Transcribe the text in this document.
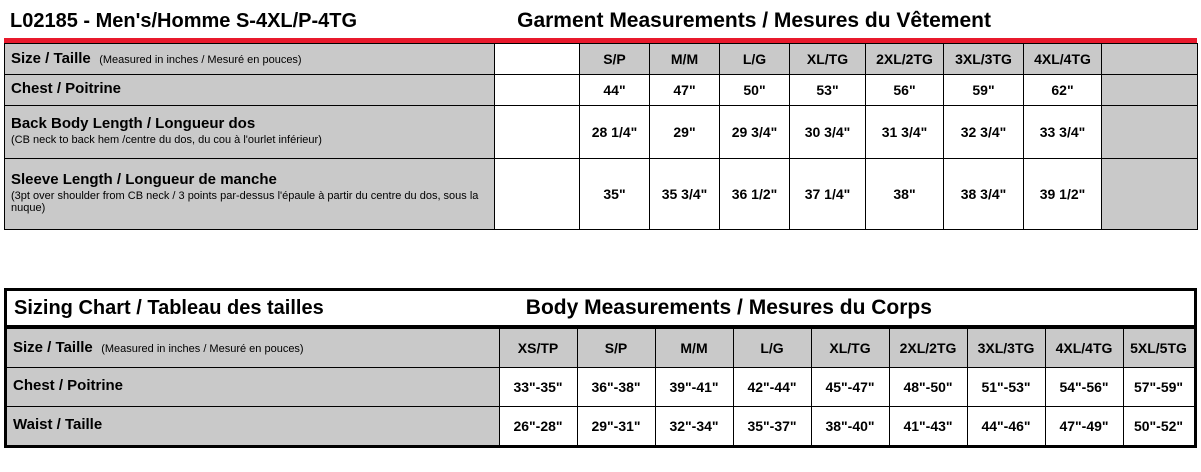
L02185 - Men's/Homme S-4XL/P-4TG	Garment Measurements / Mesures du Vêtement
Size / Taille (Measured in inches / Mesuré en pouces)		S/P	M/M	L/G	XL/TG	2XL/2TG	3XL/3TG	4XL/4TG	

Chest / Poitrine		44"	47"	50"	53"	56"	59"	62"	

Back Body Length / Longueur dos
(CB neck to back hem /centre du dos, du cou à l'ourlet inférieur)		28 1/4"	29"	29 3/4"	30 3/4"	31 3/4"	32 3/4"	33 3/4"	

Sleeve Length / Longueur de manche
(3pt over shoulder from CB neck / 3 points par-dessus l'épaule à partir du centre du dos, sous la nuque)		35"	35 3/4"	36 1/2"	37 1/4"	38"	38 3/4"	39 1/2"	
Sizing Chart / Tableau des tailles	Body Measurements / Mesures du Corps
Size / Taille (Measured in inches / Mesuré en pouces)	XS/TP	S/P	M/M	L/G	XL/TG	2XL/2TG	3XL/3TG	4XL/4TG	5XL/5TG

Chest / Poitrine	33"-35"	36"-38"	39"-41"	42"-44"	45"-47"	48"-50"	51"-53"	54"-56"	57"-59"

Waist / Taille	26"-28"	29"-31"	32"-34"	35"-37"	38"-40"	41"-43"	44"-46"	47"-49"	50"-52"
